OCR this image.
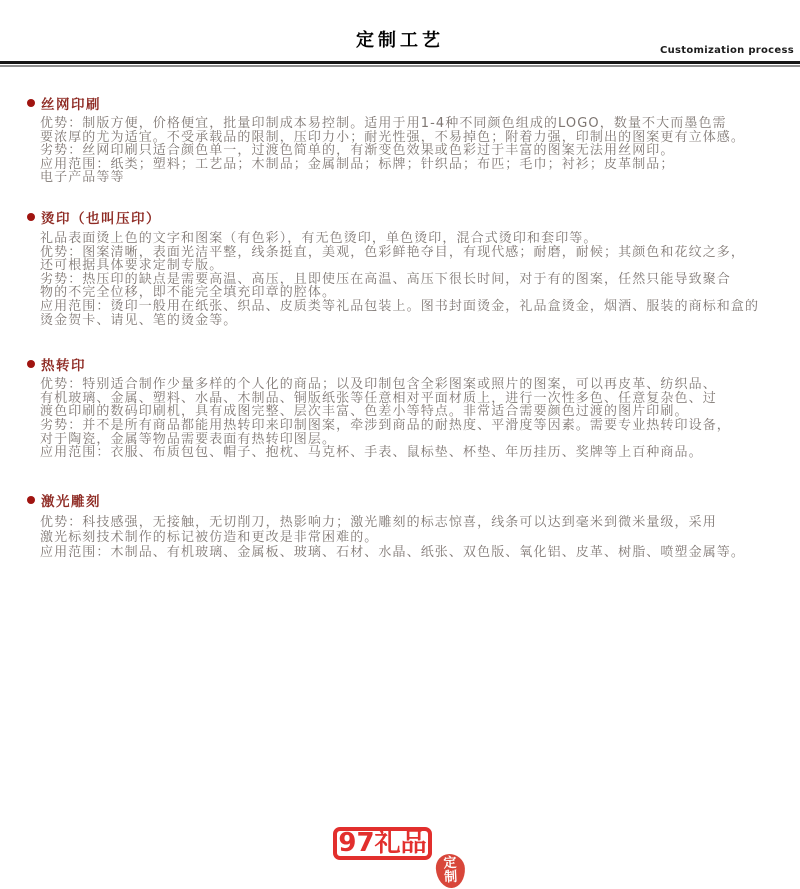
定制工艺	Customization process
丝网印刷
优势：制版方便，价格便宜，批量印制成本易控制。适用于用1-4种不同颜色组成的LOGO，数量不大而墨色需
要浓厚的尤为适宜。不受承载品的限制，压印力小；耐光性强，不易掉色；附着力强，印制出的图案更有立体感。
劣势：丝网印刷只适合颜色单一，过渡色简单的，有渐变色效果或色彩过于丰富的图案无法用丝网印。
应用范围：纸类；塑料；工艺品；木制品；金属制品；标牌；针织品；布匹；毛巾；衬衫；皮革制品；
电子产品等等
烫印（也叫压印）
礼品表面烫上色的文字和图案（有色彩），有无色烫印，单色烫印，混合式烫印和套印等。
优势：图案清晰，表面光洁平整，线条挺直，美观，色彩鲜艳夺目，有现代感；耐磨，耐候；其颜色和花纹之多，
还可根据具体要求定制专版。
劣势：热压印的缺点是需要高温、高压，且即使压在高温、高压下很长时间，对于有的图案，任然只能导致聚合
物的不完全位移，即不能完全填充印章的腔体。
应用范围：烫印一般用在纸张、织品、皮质类等礼品包装上。图书封面烫金，礼品盒烫金，烟酒、服装的商标和盒的
烫金贺卡、请见、笔的烫金等。
热转印
优势：特别适合制作少量多样的个人化的商品；以及印制包含全彩图案或照片的图案，可以再皮革、纺织品、
有机玻璃、金属、塑料、水晶、木制品、铜版纸张等任意相对平面材质上，进行一次性多色、任意复杂色、过
渡色印刷的数码印刷机，具有成图完整、层次丰富、色差小等特点。非常适合需要颜色过渡的图片印刷。
劣势：并不是所有商品都能用热转印来印制图案，牵涉到商品的耐热度、平滑度等因素。需要专业热转印设备，
对于陶瓷，金属等物品需要表面有热转印图层。
应用范围：衣服、布质包包、帽子、抱枕、马克杯、手表、鼠标垫、杯垫、年历挂历、奖牌等上百种商品。
激光雕刻
优势：科技感强，无接触，无切削刀，热影响力；激光雕刻的标志惊喜，线条可以达到毫米到微米量级，采用
激光标刻技术制作的标记被仿造和更改是非常困难的。
应用范围：木制品、有机玻璃、金属板、玻璃、石材、水晶、纸张、双色版、氧化铝、皮革、树脂、喷塑金属等。
97礼品
定
制
